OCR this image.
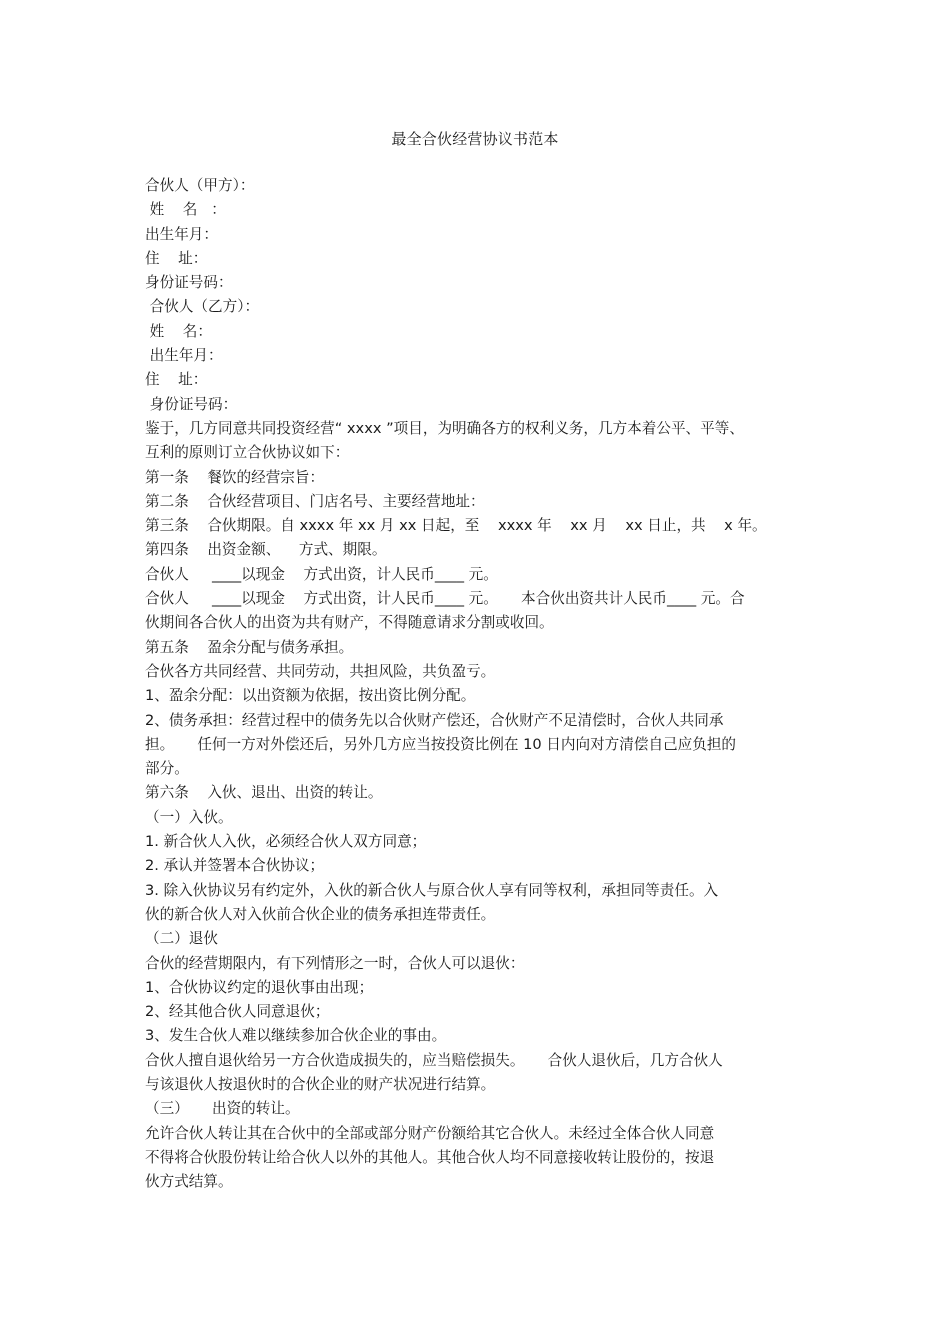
最全合伙经营协议书范本

合伙人（甲方）：

姓    名   ：

出生年月：

住    址：

身份证号码：

合伙人（乙方）：

姓    名：

出生年月：

住    址：

身份证号码：

鉴于，几方同意共同投资经营“ xxxx ”项目，为明确各方的权利义务，几方本着公平、平等、

互利的原则订立合伙协议如下：

第一条    餐饮的经营宗旨：

第二条    合伙经营项目、门店名号、主要经营地址：

第三条    合伙期限。自 xxxx 年 xx 月 xx 日起，至    xxxx 年    xx 月    xx 日止，共    x 年。

第四条    出资金额、    方式、期限。

合伙人     ____以现金    方式出资，计人民币____ 元。

合伙人     ____以现金    方式出资，计人民币____ 元。     本合伙出资共计人民币____ 元。合

伙期间各合伙人的出资为共有财产，不得随意请求分割或收回。

第五条    盈余分配与债务承担。

合伙各方共同经营、共同劳动，共担风险，共负盈亏。

1、盈余分配：以出资额为依据，按出资比例分配。

2、债务承担：经营过程中的债务先以合伙财产偿还，合伙财产不足清偿时，合伙人共同承

担。     任何一方对外偿还后，另外几方应当按投资比例在 10 日内向对方清偿自己应负担的

部分。

第六条    入伙、退出、出资的转让。

（一）入伙。

1. 新合伙人入伙，必须经合伙人双方同意；

2. 承认并签署本合伙协议；

3. 除入伙协议另有约定外，入伙的新合伙人与原合伙人享有同等权利，承担同等责任。入

伙的新合伙人对入伙前合伙企业的债务承担连带责任。

（二）退伙

合伙的经营期限内，有下列情形之一时，合伙人可以退伙：

1、合伙协议约定的退伙事由出现；

2、经其他合伙人同意退伙；

3、发生合伙人难以继续参加合伙企业的事由。

合伙人擅自退伙给另一方合伙造成损失的，应当赔偿损失。     合伙人退伙后，几方合伙人

与该退伙人按退伙时的合伙企业的财产状况进行结算。

（三）     出资的转让。

允许合伙人转让其在合伙中的全部或部分财产份额给其它合伙人。未经过全体合伙人同意

不得将合伙股份转让给合伙人以外的其他人。其他合伙人均不同意接收转让股份的，按退

伙方式结算。
